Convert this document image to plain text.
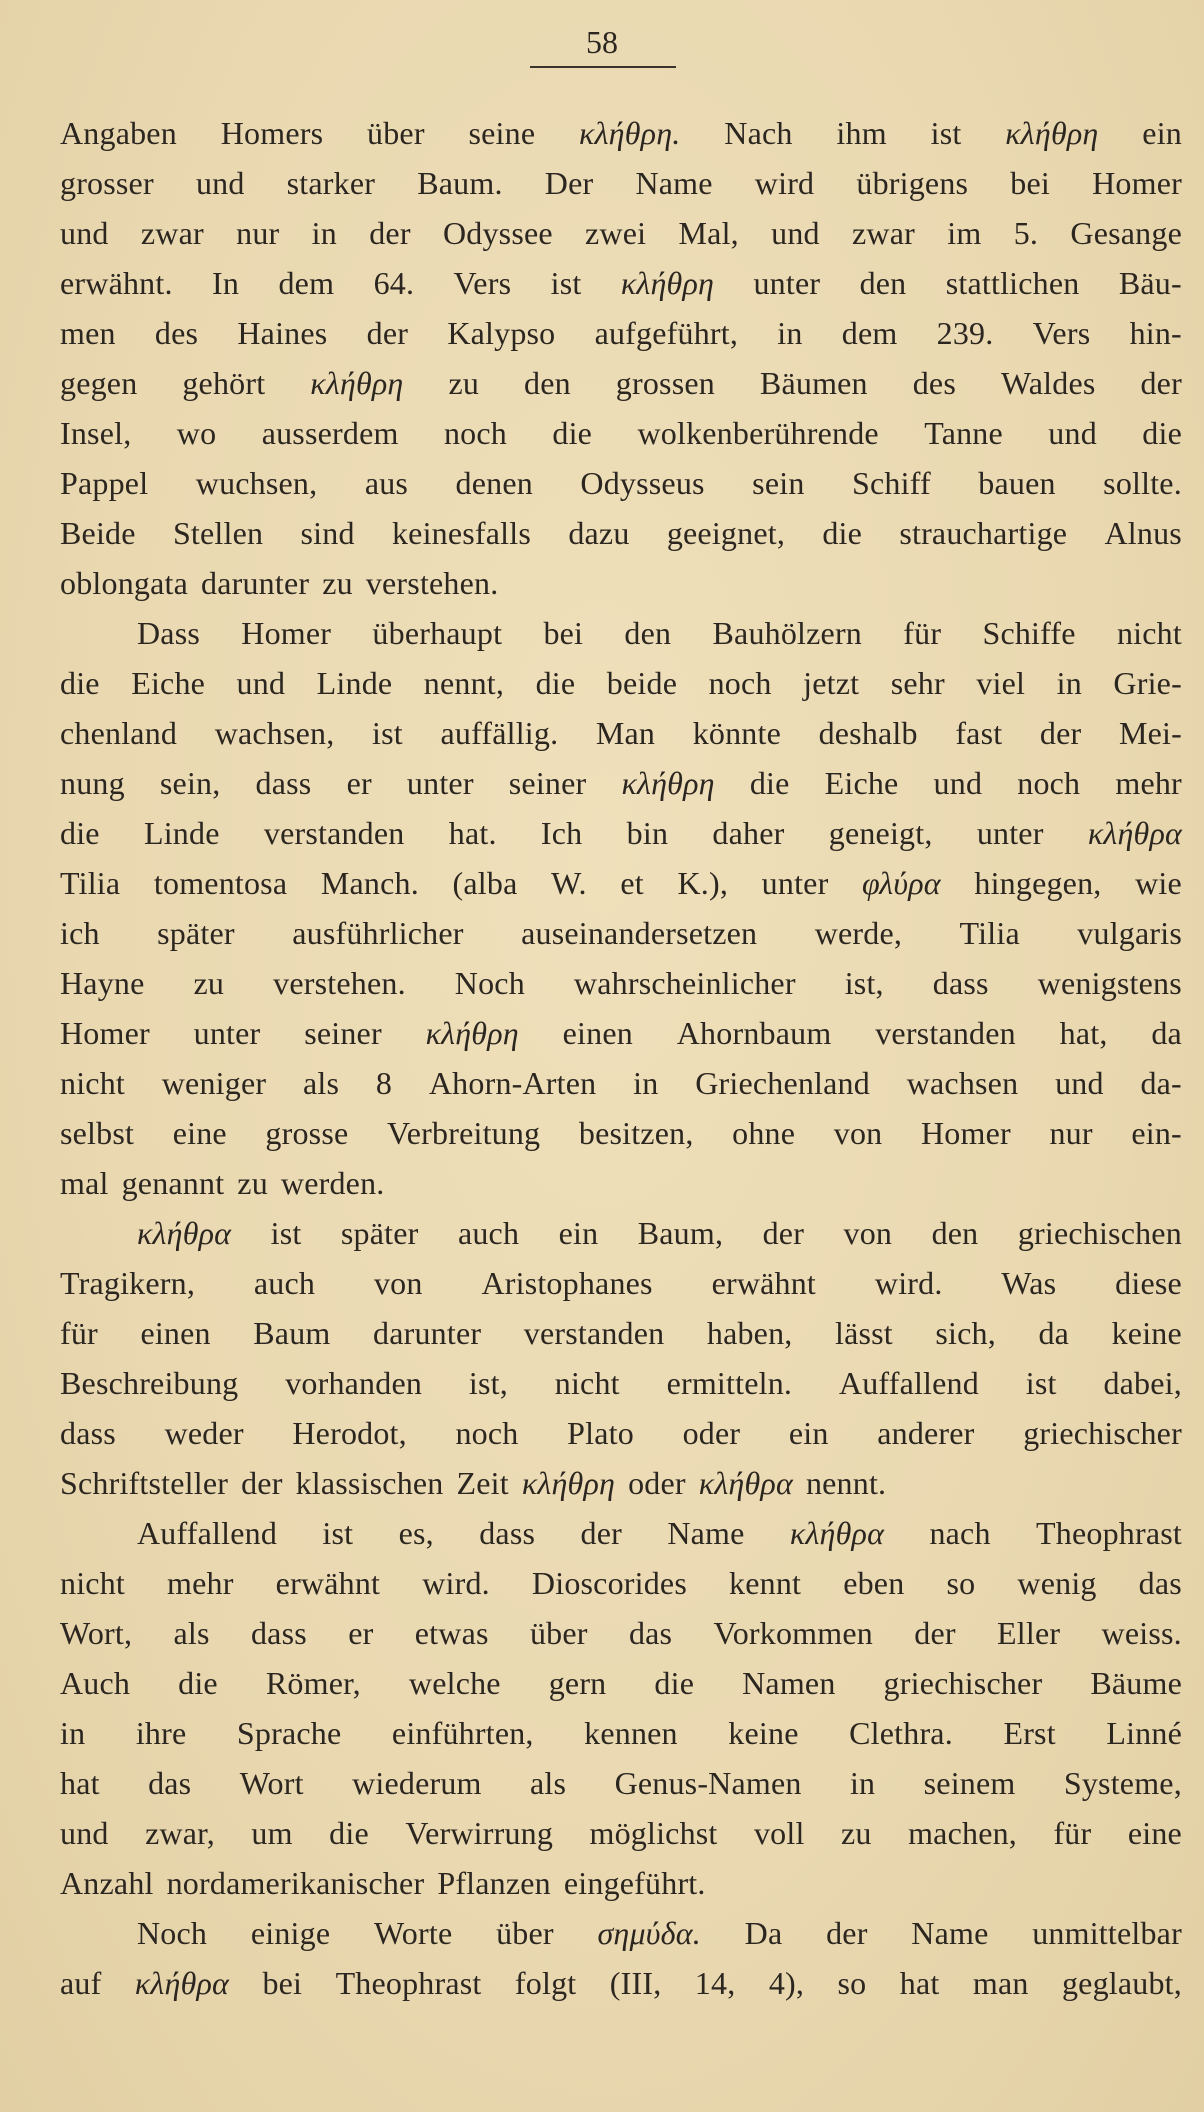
58
Angaben Homers über seine κλήθρη. Nach ihm ist κλήθρη ein
grosser und starker Baum. Der Name wird übrigens bei Homer
und zwar nur in der Odyssee zwei Mal, und zwar im 5. Gesange
erwähnt. In dem 64. Vers ist κλήθρη unter den stattlichen Bäu-
men des Haines der Kalypso aufgeführt, in dem 239. Vers hin-
gegen gehört κλήθρη zu den grossen Bäumen des Waldes der
Insel, wo ausserdem noch die wolkenberührende Tanne und die
Pappel wuchsen, aus denen Odysseus sein Schiff bauen sollte.
Beide Stellen sind keinesfalls dazu geeignet, die strauchartige Alnus
oblongata darunter zu verstehen.
Dass Homer überhaupt bei den Bauhölzern für Schiffe nicht
die Eiche und Linde nennt, die beide noch jetzt sehr viel in Grie-
chenland wachsen, ist auffällig. Man könnte deshalb fast der Mei-
nung sein, dass er unter seiner κλήθρη die Eiche und noch mehr
die Linde verstanden hat. Ich bin daher geneigt, unter κλήθρα
Tilia tomentosa Manch. (alba W. et K.), unter φλύρα hingegen, wie
ich später ausführlicher auseinandersetzen werde, Tilia vulgaris
Hayne zu verstehen. Noch wahrscheinlicher ist, dass wenigstens
Homer unter seiner κλήθρη einen Ahornbaum verstanden hat, da
nicht weniger als 8 Ahorn-Arten in Griechenland wachsen und da-
selbst eine grosse Verbreitung besitzen, ohne von Homer nur ein-
mal genannt zu werden.
κλήθρα ist später auch ein Baum, der von den griechischen
Tragikern, auch von Aristophanes erwähnt wird. Was diese
für einen Baum darunter verstanden haben, lässt sich, da keine
Beschreibung vorhanden ist, nicht ermitteln. Auffallend ist dabei,
dass weder Herodot, noch Plato oder ein anderer griechischer
Schriftsteller der klassischen Zeit κλήθρη oder κλήθρα nennt.
Auffallend ist es, dass der Name κλήθρα nach Theophrast
nicht mehr erwähnt wird. Dioscorides kennt eben so wenig das
Wort, als dass er etwas über das Vorkommen der Eller weiss.
Auch die Römer, welche gern die Namen griechischer Bäume
in ihre Sprache einführten, kennen keine Clethra. Erst Linné
hat das Wort wiederum als Genus-Namen in seinem Systeme,
und zwar, um die Verwirrung möglichst voll zu machen, für eine
Anzahl nordamerikanischer Pflanzen eingeführt.
Noch einige Worte über σημύδα. Da der Name unmittelbar
auf κλήθρα bei Theophrast folgt (III, 14, 4), so hat man geglaubt,
